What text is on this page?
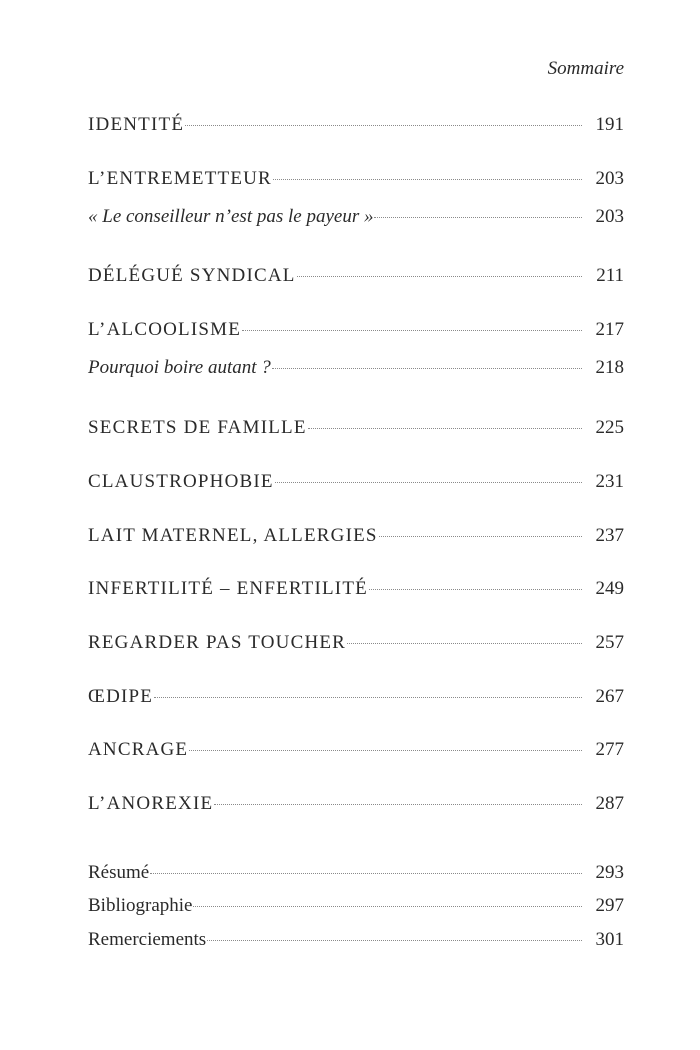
Sommaire
IDENTITÉ	191
L’ENTREMETTEUR	203
« Le conseilleur n’est pas le payeur »	203
DÉLÉGUÉ SYNDICAL	211
L’ALCOOLISME	217
Pourquoi boire autant ?	218
SECRETS DE FAMILLE	225
CLAUSTROPHOBIE	231
LAIT MATERNEL, ALLERGIES	237
INFERTILITÉ – ENFERTILITÉ	249
REGARDER PAS TOUCHER	257
ŒDIPE	267
ANCRAGE	277
L’ANOREXIE	287
Résumé	293
Bibliographie	297
Remerciements	301
